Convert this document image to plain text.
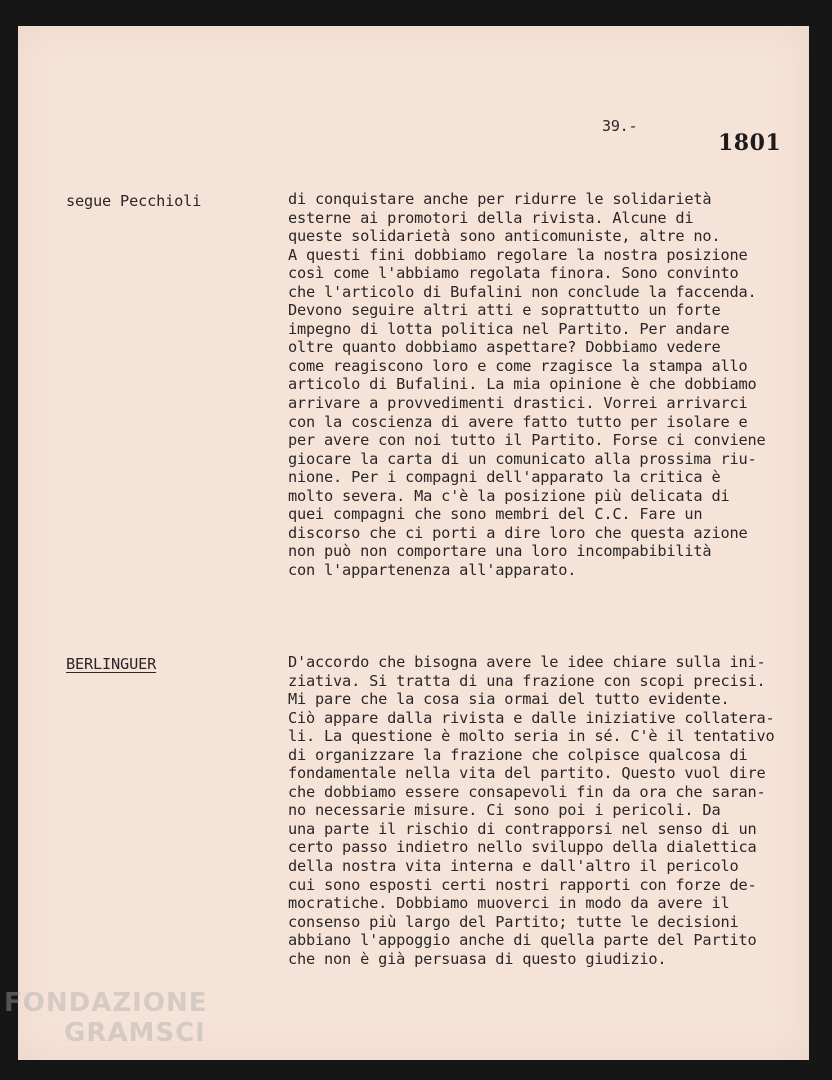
39.-
1801
segue Pecchioli	di conquistare anche per ridurre le solidarietà
esterne ai promotori della rivista. Alcune di
queste solidarietà sono anticomuniste, altre no.
A questi fini dobbiamo regolare la nostra posizione
così come l'abbiamo regolata finora. Sono convinto
che l'articolo di Bufalini non conclude la faccenda.
Devono seguire altri atti e soprattutto un forte
impegno di lotta politica nel Partito. Per andare
oltre quanto dobbiamo aspettare? Dobbiamo vedere
come reagiscono loro e come rzagisce la stampa allo
articolo di Bufalini. La mia opinione è che dobbiamo
arrivare a provvedimenti drastici. Vorrei arrivarci
con la coscienza di avere fatto tutto per isolare e
per avere con noi tutto il Partito. Forse ci conviene
giocare la carta di un comunicato alla prossima riu-
nione. Per i compagni dell'apparato la critica è
molto severa. Ma c'è la posizione più delicata di
quei compagni che sono membri del C.C. Fare un
discorso che ci porti a dire loro che questa azione
non può non comportare una loro incompabibilità
con l'appartenenza all'apparato.
BERLINGUER	D'accordo che bisogna avere le idee chiare sulla ini-
ziativa. Si tratta di una frazione con scopi precisi.
Mi pare che la cosa sia ormai del tutto evidente.
Ciò appare dalla rivista e dalle iniziative collatera-
li. La questione è molto seria in sé. C'è il tentativo
di organizzare la frazione che colpisce qualcosa di
fondamentale nella vita del partito. Questo vuol dire
che dobbiamo essere consapevoli fin da ora che saran-
no necessarie misure. Ci sono poi i pericoli. Da
una parte il rischio di contrapporsi nel senso di un
certo passo indietro nello sviluppo della dialettica
della nostra vita interna e dall'altro il pericolo
cui sono esposti certi nostri rapporti con forze de-
mocratiche. Dobbiamo muoverci in modo da avere il
consenso più largo del Partito; tutte le decisioni
abbiano l'appoggio anche di quella parte del Partito
che non è già persuasa di questo giudizio.
FONDAZIONE
GRAMSCI
